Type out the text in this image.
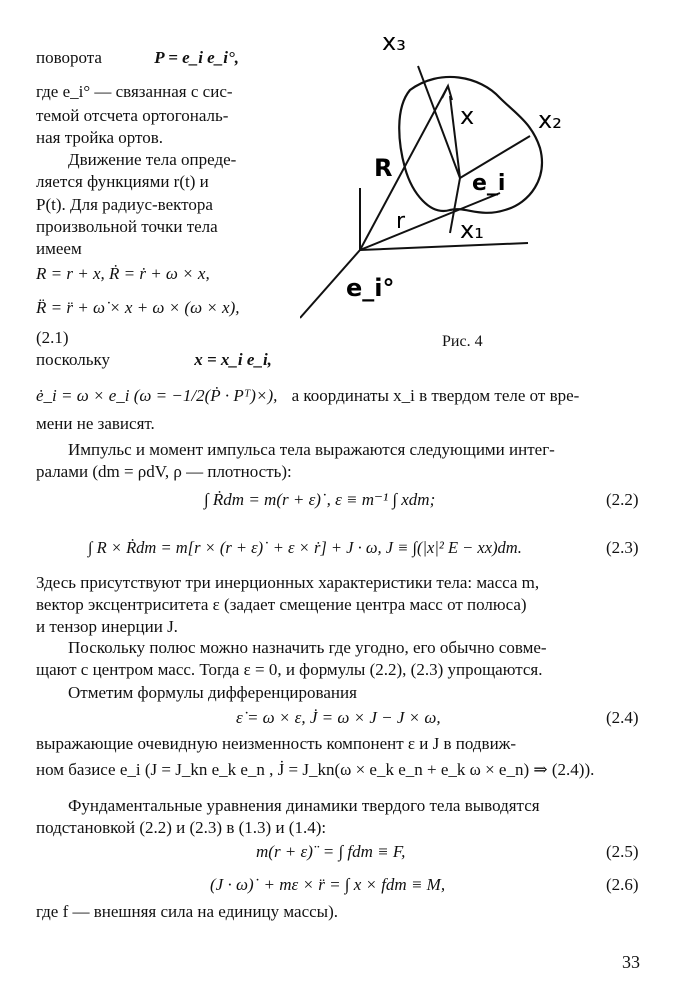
поворота	P = e_i e_i°,

где e_i° — связанная с сис-

темой отсчета ортогональ-

ная тройка ортов.

Движение тела опреде-

ляется функциями r(t) и

P(t). Для радиус-вектора

произвольной точки тела

имеем

R = r + x, Ṙ = ṙ + ω × x,

R̈ = r̈ + ω̇ × x + ω × (ω × x),

(2.1)

поскольку	x = x_i e_i,
x₃
x₂
x
R
e_i
r x₁
e_i°

Рис. 4

ė_i = ω × e_i (ω = −1/2(Ṗ · Pᵀ)×), а координаты x_i в твердом теле от вре-

мени не зависят.

Импульс и момент импульса тела выражаются следующими интег-

ралами (dm = ρdV, ρ — плотность):

∫ Ṙdm = m(r + ε)˙, ε ≡ m⁻¹ ∫ xdm;	(2.2)

∫ R × Ṙdm = m[r × (r + ε)˙ + ε × ṙ] + J · ω, J ≡ ∫(|x|² E − xx)dm.	(2.3)

Здесь присутствуют три инерционных характеристики тела: масса m,

вектор эксцентриситета ε (задает смещение центра масс от полюса)

и тензор инерции J.

Поскольку полюс можно назначить где угодно, его обычно совме-

щают с центром масс. Тогда ε = 0, и формулы (2.2), (2.3) упрощаются.

Отметим формулы дифференцирования

ε̇ = ω × ε, J̇ = ω × J − J × ω,	(2.4)

выражающие очевидную неизменность компонент ε и J в подвиж-

ном базисе e_i (J = J_kn e_k e_n , J̇ = J_kn(ω × e_k e_n + e_k ω × e_n) ⇒ (2.4)).

Фундаментальные уравнения динамики твердого тела выводятся

подстановкой (2.2) и (2.3) в (1.3) и (1.4):

m(r + ε)¨ = ∫ fdm ≡ F,	(2.5)

(J · ω)˙ + mε × r̈ = ∫ x × fdm ≡ M,	(2.6)

где f — внешняя сила на единицу массы).

33
